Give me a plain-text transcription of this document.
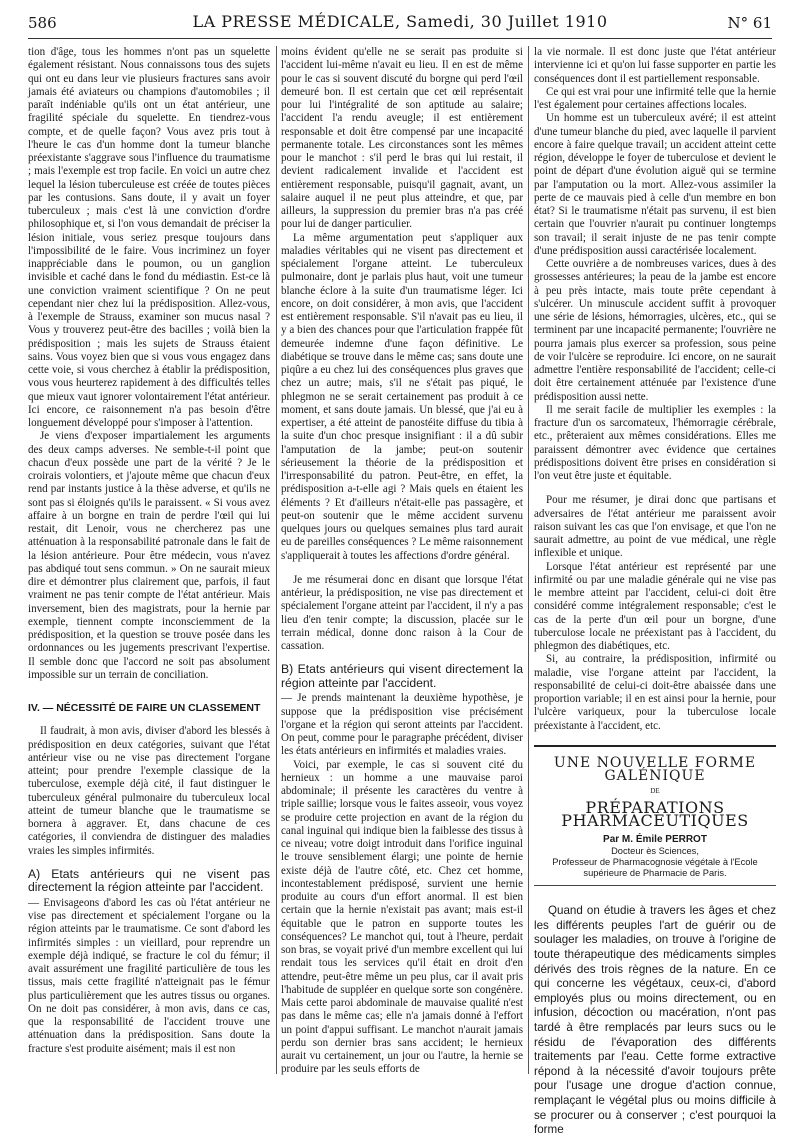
586	LA PRESSE MÉDICALE, Samedi, 30 Juillet 1910	N° 61

tion d'âge, tous les hommes n'ont pas un squelette également résistant. Nous connaissons tous des sujets qui ont eu dans leur vie plusieurs fractures sans avoir jamais été aviateurs ou champions d'automobiles ; il paraît indéniable qu'ils ont un état antérieur, une fragilité spéciale du squelette. En tiendrez-vous compte, et de quelle façon? Vous avez pris tout à l'heure le cas d'un homme dont la tumeur blanche préexistante s'aggrave sous l'influence du traumatisme ; mais l'exemple est trop facile. En voici un autre chez lequel la lésion tuberculeuse est créée de toutes pièces par les contusions. Sans doute, il y avait un foyer tuberculeux ; mais c'est là une conviction d'ordre philosophique et, si l'on vous demandait de préciser la lésion initiale, vous seriez presque toujours dans l'impossibilité de le faire. Vous incriminez un foyer inappréciable dans le poumon, ou un ganglion invisible et caché dans le fond du médiastin. Est-ce là une conviction vraiment scientifique ? On ne peut cependant nier chez lui la prédisposition. Allez-vous, à l'exemple de Strauss, examiner son mucus nasal ? Vous y trouverez peut-être des bacilles ; voilà bien la prédisposition ; mais les sujets de Strauss étaient sains. Vous voyez bien que si vous vous engagez dans cette voie, si vous cherchez à établir la prédisposition, vous vous heurterez rapidement à des difficultés telles que mieux vaut ignorer volontairement l'état antérieur. Ici encore, ce raisonnement n'a pas besoin d'être longuement développé pour s'imposer à l'attention.

Je viens d'exposer impartialement les arguments des deux camps adverses. Ne semble-t-il point que chacun d'eux possède une part de la vérité ? Je le croirais volontiers, et j'ajoute même que chacun d'eux rend par instants justice à la thèse adverse, et qu'ils ne sont pas si éloignés qu'ils le paraissent. « Si vous avez affaire à un borgne en train de perdre l'œil qui lui restait, dit Lenoir, vous ne chercherez pas une atténuation à la responsabilité patronale dans le fait de la lésion antérieure. Pour être médecin, vous n'avez pas abdiqué tout sens commun. » On ne saurait mieux dire et démontrer plus clairement que, parfois, il faut vraiment ne pas tenir compte de l'état antérieur. Mais inversement, bien des magistrats, pour la hernie par exemple, tiennent compte inconsciemment de la prédisposition, et la question se trouve posée dans les ordonnances ou les jugements prescrivant l'expertise. Il semble donc que l'accord ne soit pas absolument impossible sur un terrain de conciliation.

IV. — NÉCESSITÉ DE FAIRE UN CLASSEMENT

Il faudrait, à mon avis, diviser d'abord les blessés à prédisposition en deux catégories, suivant que l'état antérieur vise ou ne vise pas directement l'organe atteint; pour prendre l'exemple classique de la tuberculose, exemple déjà cité, il faut distinguer le tuberculeux général pulmonaire du tuberculeux local atteint de tumeur blanche que le traumatisme se bornera à aggraver. Et, dans chacune de ces catégories, il conviendra de distinguer des maladies vraies les simples infirmités.

A) Etats antérieurs qui ne visent pas directement la région atteinte par l'accident.

— Envisageons d'abord les cas où l'état antérieur ne vise pas directement et spécialement l'organe ou la région atteints par le traumatisme. Ce sont d'abord les infirmités simples : un vieillard, pour reprendre un exemple déjà indiqué, se fracture le col du fémur; il avait assurément une fragilité particulière de tous les tissus, mais cette fragilité n'atteignait pas le fémur plus particulièrement que les autres tissus ou organes. On ne doit pas considérer, à mon avis, dans ce cas, que la responsabilité de l'accident trouve une atténuation dans la prédisposition. Sans doute la fracture s'est produite aisément; mais il est non

moins évident qu'elle ne se serait pas produite si l'accident lui-même n'avait eu lieu. Il en est de même pour le cas si souvent discuté du borgne qui perd l'œil demeuré bon. Il est certain que cet œil représentait pour lui l'intégralité de son aptitude au salaire; l'accident l'a rendu aveugle; il est entièrement responsable et doit être compensé par une incapacité permanente totale. Les circonstances sont les mêmes pour le manchot : s'il perd le bras qui lui restait, il devient radicalement invalide et l'accident est entièrement responsable, puisqu'il gagnait, avant, un salaire auquel il ne peut plus atteindre, et que, par ailleurs, la suppression du premier bras n'a pas créé pour lui de danger particulier.

La même argumentation peut s'appliquer aux maladies véritables qui ne visent pas directement et spécialement l'organe atteint. Le tuberculeux pulmonaire, dont je parlais plus haut, voit une tumeur blanche éclore à la suite d'un traumatisme léger. Ici encore, on doit considérer, à mon avis, que l'accident est entièrement responsable. S'il n'avait pas eu lieu, il y a bien des chances pour que l'articulation frappée fût demeurée indemne d'une façon définitive. Le diabétique se trouve dans le même cas; sans doute une piqûre a eu chez lui des conséquences plus graves que chez un autre; mais, s'il ne s'était pas piqué, le phlegmon ne se serait certainement pas produit à ce moment, et sans doute jamais. Un blessé, que j'ai eu à expertiser, a été atteint de panostéite diffuse du tibia à la suite d'un choc presque insignifiant : il a dû subir l'amputation de la jambe; peut-on soutenir sérieusement la théorie de la prédisposition et l'irresponsabilité du patron. Peut-être, en effet, la prédisposition a-t-elle agi ? Mais quels en étaient les éléments ? Et d'ailleurs n'était-elle pas passagère, et peut-on soutenir que le même accident survenu quelques jours ou quelques semaines plus tard aurait eu de pareilles conséquences ? Le même raisonnement s'appliquerait à toutes les affections d'ordre général.

Je me résumerai donc en disant que lorsque l'état antérieur, la prédisposition, ne vise pas directement et spécialement l'organe atteint par l'accident, il n'y a pas lieu d'en tenir compte; la discussion, placée sur le terrain médical, donne donc raison à la Cour de cassation.

B) Etats antérieurs qui visent directement la région atteinte par l'accident.

— Je prends maintenant la deuxième hypothèse, je suppose que la prédisposition vise précisément l'organe et la région qui seront atteints par l'accident. On peut, comme pour le paragraphe précédent, diviser les états antérieurs en infirmités et maladies vraies.

Voici, par exemple, le cas si souvent cité du hernieux : un homme a une mauvaise paroi abdominale; il présente les caractères du ventre à triple saillie; lorsque vous le faites asseoir, vous voyez se produire cette projection en avant de la région du canal inguinal qui indique bien la faiblesse des tissus à ce niveau; votre doigt introduit dans l'orifice inguinal le trouve sensiblement élargi; une pointe de hernie existe déjà de l'autre côté, etc. Chez cet homme, incontestablement prédisposé, survient une hernie produite au cours d'un effort anormal. Il est bien certain que la hernie n'existait pas avant; mais est-il équitable que le patron en supporte toutes les conséquences? Le manchot qui, tout à l'heure, perdait son bras, se voyait privé d'un membre excellent qui lui rendait tous les services qu'il était en droit d'en attendre, peut-être même un peu plus, car il avait pris l'habitude de suppléer en quelque sorte son congénère. Mais cette paroi abdominale de mauvaise qualité n'est pas dans le même cas; elle n'a jamais donné à l'effort un point d'appui suffisant. Le manchot n'aurait jamais perdu son dernier bras sans accident; le hernieux aurait vu certainement, un jour ou l'autre, la hernie se produire par les seuls efforts de

la vie normale. Il est donc juste que l'état antérieur intervienne ici et qu'on lui fasse supporter en partie les conséquences dont il est partiellement responsable.

Ce qui est vrai pour une infirmité telle que la hernie l'est également pour certaines affections locales.

Un homme est un tuberculeux avéré; il est atteint d'une tumeur blanche du pied, avec laquelle il parvient encore à faire quelque travail; un accident atteint cette région, développe le foyer de tuberculose et devient le point de départ d'une évolution aiguë qui se termine par l'amputation ou la mort. Allez-vous assimiler la perte de ce mauvais pied à celle d'un membre en bon état? Si le traumatisme n'était pas survenu, il est bien certain que l'ouvrier n'aurait pu continuer longtemps son travail; il serait injuste de ne pas tenir compte d'une prédisposition aussi caractérisée localement.

Cette ouvrière a de nombreuses varices, dues à des grossesses antérieures; la peau de la jambe est encore à peu près intacte, mais toute prête cependant à s'ulcérer. Un minuscule accident suffit à provoquer une série de lésions, hémorragies, ulcères, etc., qui se terminent par une incapacité permanente; l'ouvrière ne pourra jamais plus exercer sa profession, sous peine de voir l'ulcère se reproduire. Ici encore, on ne saurait admettre l'entière responsabilité de l'accident; celle-ci doit être certainement atténuée par l'existence d'une prédisposition aussi nette.

Il me serait facile de multiplier les exemples : la fracture d'un os sarcomateux, l'hémorragie cérébrale, etc., prêteraient aux mêmes considérations. Elles me paraissent démontrer avec évidence que certaines prédispositions doivent être prises en considération si l'on veut être juste et équitable.

Pour me résumer, je dirai donc que partisans et adversaires de l'état antérieur me paraissent avoir raison suivant les cas que l'on envisage, et que l'on ne saurait admettre, au point de vue médical, une règle inflexible et unique.

Lorsque l'état antérieur est représenté par une infirmité ou par une maladie générale qui ne vise pas le membre atteint par l'accident, celui-ci doit être considéré comme intégralement responsable; c'est le cas de la perte d'un œil pour un borgne, d'une tuberculose locale ne préexistant pas à l'accident, du phlegmon des diabétiques, etc.

Si, au contraire, la prédisposition, infirmité ou maladie, vise l'organe atteint par l'accident, la responsabilité de celui-ci doit-être abaissée dans une proportion variable; il en est ainsi pour la hernie, pour l'ulcère variqueux, pour la tuberculose locale préexistante à l'accident, etc.

UNE NOUVELLE FORME GALÉNIQUE
DE
PRÉPARATIONS PHARMACEUTIQUES
Par M. Émile PERROT
Docteur ès Sciences,
Professeur de Pharmacognosie végétale à l'Ecole supérieure de Pharmacie de Paris.

Quand on étudie à travers les âges et chez les différents peuples l'art de guérir ou de soulager les maladies, on trouve à l'origine de toute thérapeutique des médicaments simples dérivés des trois règnes de la nature. En ce qui concerne les végétaux, ceux-ci, d'abord employés plus ou moins directement, ou en infusion, décoction ou macération, n'ont pas tardé à être remplacés par leurs sucs ou le résidu de l'évaporation des différents traitements par l'eau. Cette forme extractive répond à la nécessité d'avoir toujours prête pour l'usage une drogue d'action connue, remplaçant le végétal plus ou moins difficile à se procurer ou à conserver ; c'est pourquoi la forme
